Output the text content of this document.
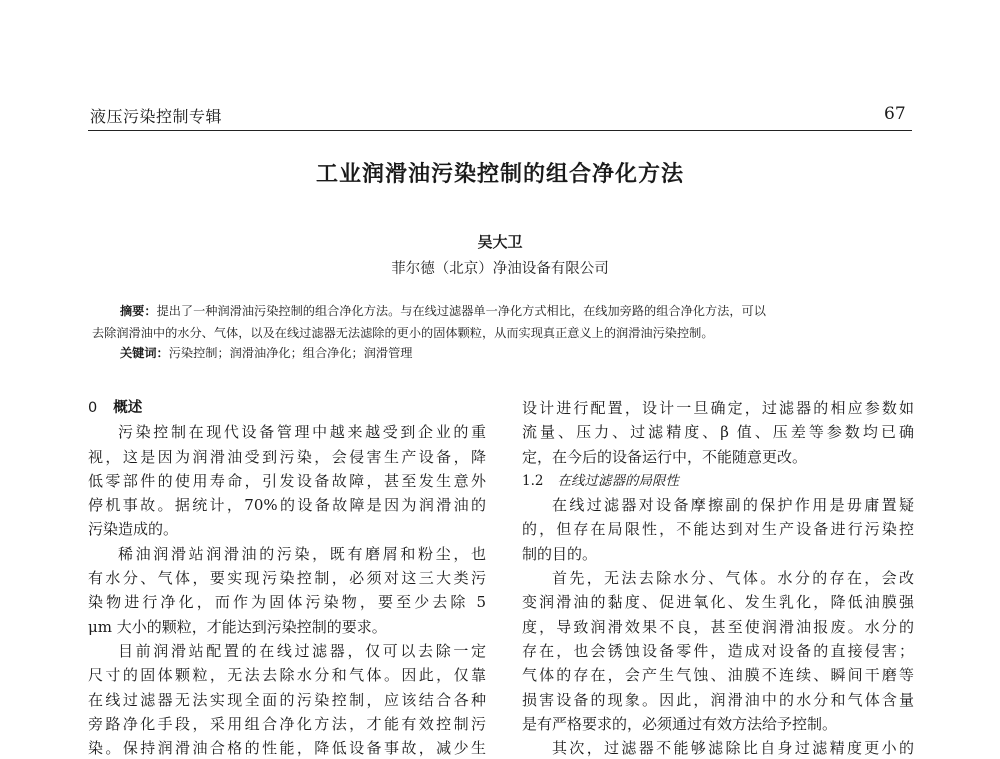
液压污染控制专辑	67
工业润滑油污染控制的组合净化方法
吴大卫
菲尔德（北京）净油设备有限公司
摘要：提出了一种润滑油污染控制的组合净化方法。与在线过滤器单一净化方式相比，在线加旁路的组合净化方法，可以
去除润滑油中的水分、气体，以及在线过滤器无法滤除的更小的固体颗粒，从而实现真正意义上的润滑油污染控制。
关键词：污染控制；润滑油净化；组合净化；润滑管理
0 概述
污染控制在现代设备管理中越来越受到企业的重
视，这是因为润滑油受到污染，会侵害生产设备，降
低零部件的使用寿命，引发设备故障，甚至发生意外
停机事故。据统计，70%的设备故障是因为润滑油的
污染造成的。
稀油润滑站润滑油的污染，既有磨屑和粉尘，也
有水分、气体，要实现污染控制，必须对这三大类污
染物进行净化，而作为固体污染物，要至少去除 5
μm 大小的颗粒，才能达到污染控制的要求。
目前润滑站配置的在线过滤器，仅可以去除一定
尺寸的固体颗粒，无法去除水分和气体。因此，仅靠
在线过滤器无法实现全面的污染控制，应该结合各种
旁路净化手段，采用组合净化方法，才能有效控制污
染。保持润滑油合格的性能，降低设备事故，减少生
设计进行配置，设计一旦确定，过滤器的相应参数如
流量、压力、过滤精度、β 值、压差等参数均已确
定，在今后的设备运行中，不能随意更改。
1.2 在线过滤器的局限性
在线过滤器对设备摩擦副的保护作用是毋庸置疑
的，但存在局限性，不能达到对生产设备进行污染控
制的目的。
首先，无法去除水分、气体。水分的存在，会改
变润滑油的黏度、促进氧化、发生乳化，降低油膜强
度，导致润滑效果不良，甚至使润滑油报废。水分的
存在，也会锈蚀设备零件，造成对设备的直接侵害；
气体的存在，会产生气蚀、油膜不连续、瞬间干磨等
损害设备的现象。因此，润滑油中的水分和气体含量
是有严格要求的，必须通过有效方法给予控制。
其次，过滤器不能够滤除比自身过滤精度更小的
